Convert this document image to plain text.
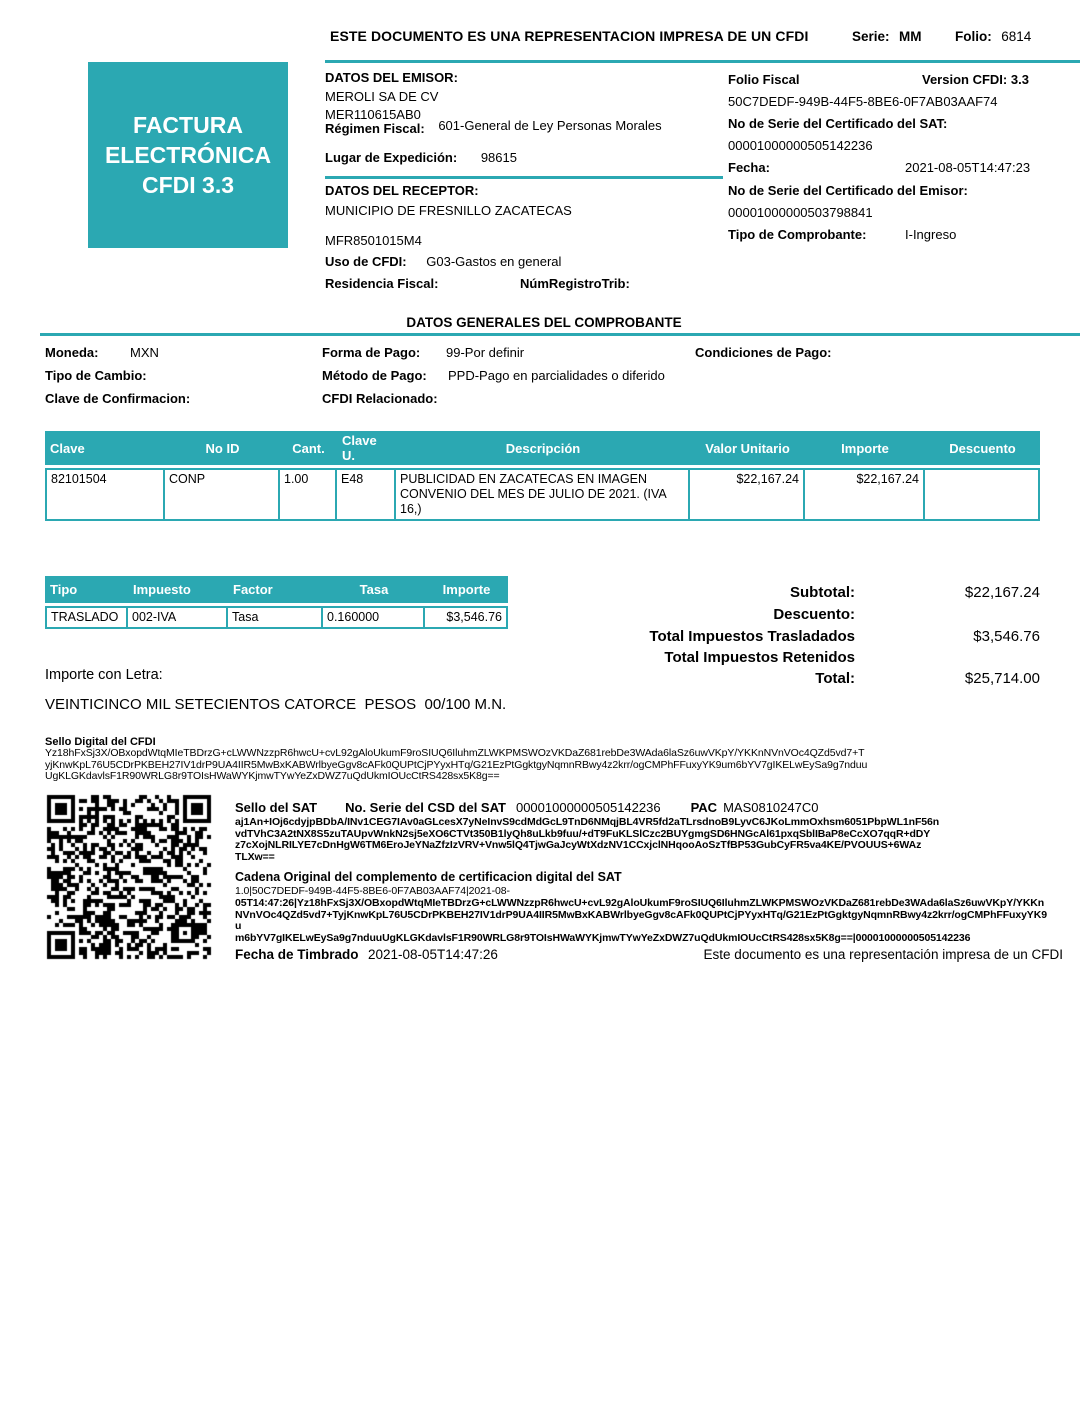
ESTE DOCUMENTO ES UNA REPRESENTACION IMPRESA DE UN CFDI	Serie: MM Folio: 6814
FACTURA
ELECTRÓNICA
CFDI 3.3
DATOS DEL EMISOR:
MEROLI SA DE CV
MER110615AB0
Régimen Fiscal: 601-General de Ley Personas Morales
Lugar de Expedición: 98615
DATOS DEL RECEPTOR:
MUNICIPIO DE FRESNILLO ZACATECAS
MFR8501015M4
Uso de CFDI: G03-Gastos en general
Residencia Fiscal:	NúmRegistroTrib:
Folio Fiscal	Version CFDI: 3.3
50C7DEDF-949B-44F5-8BE6-0F7AB03AAF74
No de Serie del Certificado del SAT:
00001000000505142236
Fecha:	2021-08-05T14:47:23
No de Serie del Certificado del Emisor:
00001000000503798841
Tipo de Comprobante:	I-Ingreso
DATOS GENERALES DEL COMPROBANTE
Moneda: MXN
Tipo de Cambio:
Clave de Confirmacion:
Forma de Pago: 99-Por definir
Método de Pago: PPD-Pago en parcialidades o diferido
CFDI Relacionado:
Condiciones de Pago:
Clave	No ID	Cant.	Clave U.	Descripción	Valor Unitario	Importe	Descuento
82101504	CONP	1.00	E48	PUBLICIDAD EN ZACATECAS EN IMAGEN CONVENIO DEL MES DE JULIO DE 2021. (IVA 16,)	$22,167.24	$22,167.24	
Tipo	Impuesto	Factor	Tasa	Importe
TRASLADO	002-IVA	Tasa	0.160000	$3,546.76
Subtotal:	$22,167.24
Descuento:
Total Impuestos Trasladados	$3,546.76
Total Impuestos Retenidos
Total:	$25,714.00
Importe con Letra:
VEINTICINCO MIL SETECIENTOS CATORCE  PESOS  00/100 M.N.
Sello Digital del CFDI
Yz18hFxSj3X/OBxopdWtqMIeTBDrzG+cLWWNzzpR6hwcU+cvL92gAloUkumF9roSIUQ6IluhmZLWKPMSWOzVKDaZ681rebDe3WAda6laSz6uwVKpY/YKKnNVnVOc4QZd5vd7+T
yjKnwKpL76U5CDrPKBEH27IV1drP9UA4IIR5MwBxKABWrlbyeGgv8cAFk0QUPtCjPYyxHTq/G21EzPtGgktgyNqmnRBwy4z2krr/ogCMPhFFuxyYK9um6bYV7gIKELwEySa9g7nduu
UgKLGKdavlsF1R90WRLG8r9TOIsHWaWYKjmwTYwYeZxDWZ7uQdUkmIOUcCtRS428sx5K8g==
Sello del SAT No. Serie del CSD del SAT 00001000000505142236 PAC MAS0810247C0
aj1An+IOj6cdyjpBDbA/INv1CEG7IAv0aGLcesX7yNeInvS9cdMdGcL9TnD6NMqjBL4VR5fd2aTLrsdnoB9LyvC6JKoLmmOxhsm6051PbpWL1nF56n
vdTVhC3A2tNX8S5zuTAUpvWnkN2sj5eXO6CTVt350B1lyQh8uLkb9fuu/+dT9FuKLSlCzc2BUYgmgSD6HNGcAl61pxqSblIBaP8eCcXO7qqR+dDY
z7cXojNLRILYE7cDnHgW6TM6EroJeYNaZfzIzVRV+Vnw5lQ4TjwGaJcyWtXdzNV1CCxjclNHqooAoSzTfBP53GubCyFR5va4KE/PVOUUS+6WAz
TLXw==
Cadena Original del complemento de certificacion digital del SAT
1.0|50C7DEDF-949B-44F5-8BE6-0F7AB03AAF74|2021-08-
05T14:47:26|Yz18hFxSj3X/OBxopdWtqMIeTBDrzG+cLWWNzzpR6hwcU+cvL92gAloUkumF9roSIUQ6IluhmZLWKPMSWOzVKDaZ681rebDe3WAda6laSz6uwVKpY/YKKn
NVnVOc4QZd5vd7+TyjKnwKpL76U5CDrPKBEH27IV1drP9UA4IIR5MwBxKABWrlbyeGgv8cAFk0QUPtCjPYyxHTq/G21EzPtGgktgyNqmnRBwy4z2krr/ogCMPhFFuxyYK9u
m6bYV7gIKELwEySa9g7nduuUgKLGKdavlsF1R90WRLG8r9TOIsHWaWYKjmwTYwYeZxDWZ7uQdUkmIOUcCtRS428sx5K8g==|00001000000505142236
Fecha de Timbrado 2021-08-05T14:47:26	Este documento es una representación impresa de un CFDI
